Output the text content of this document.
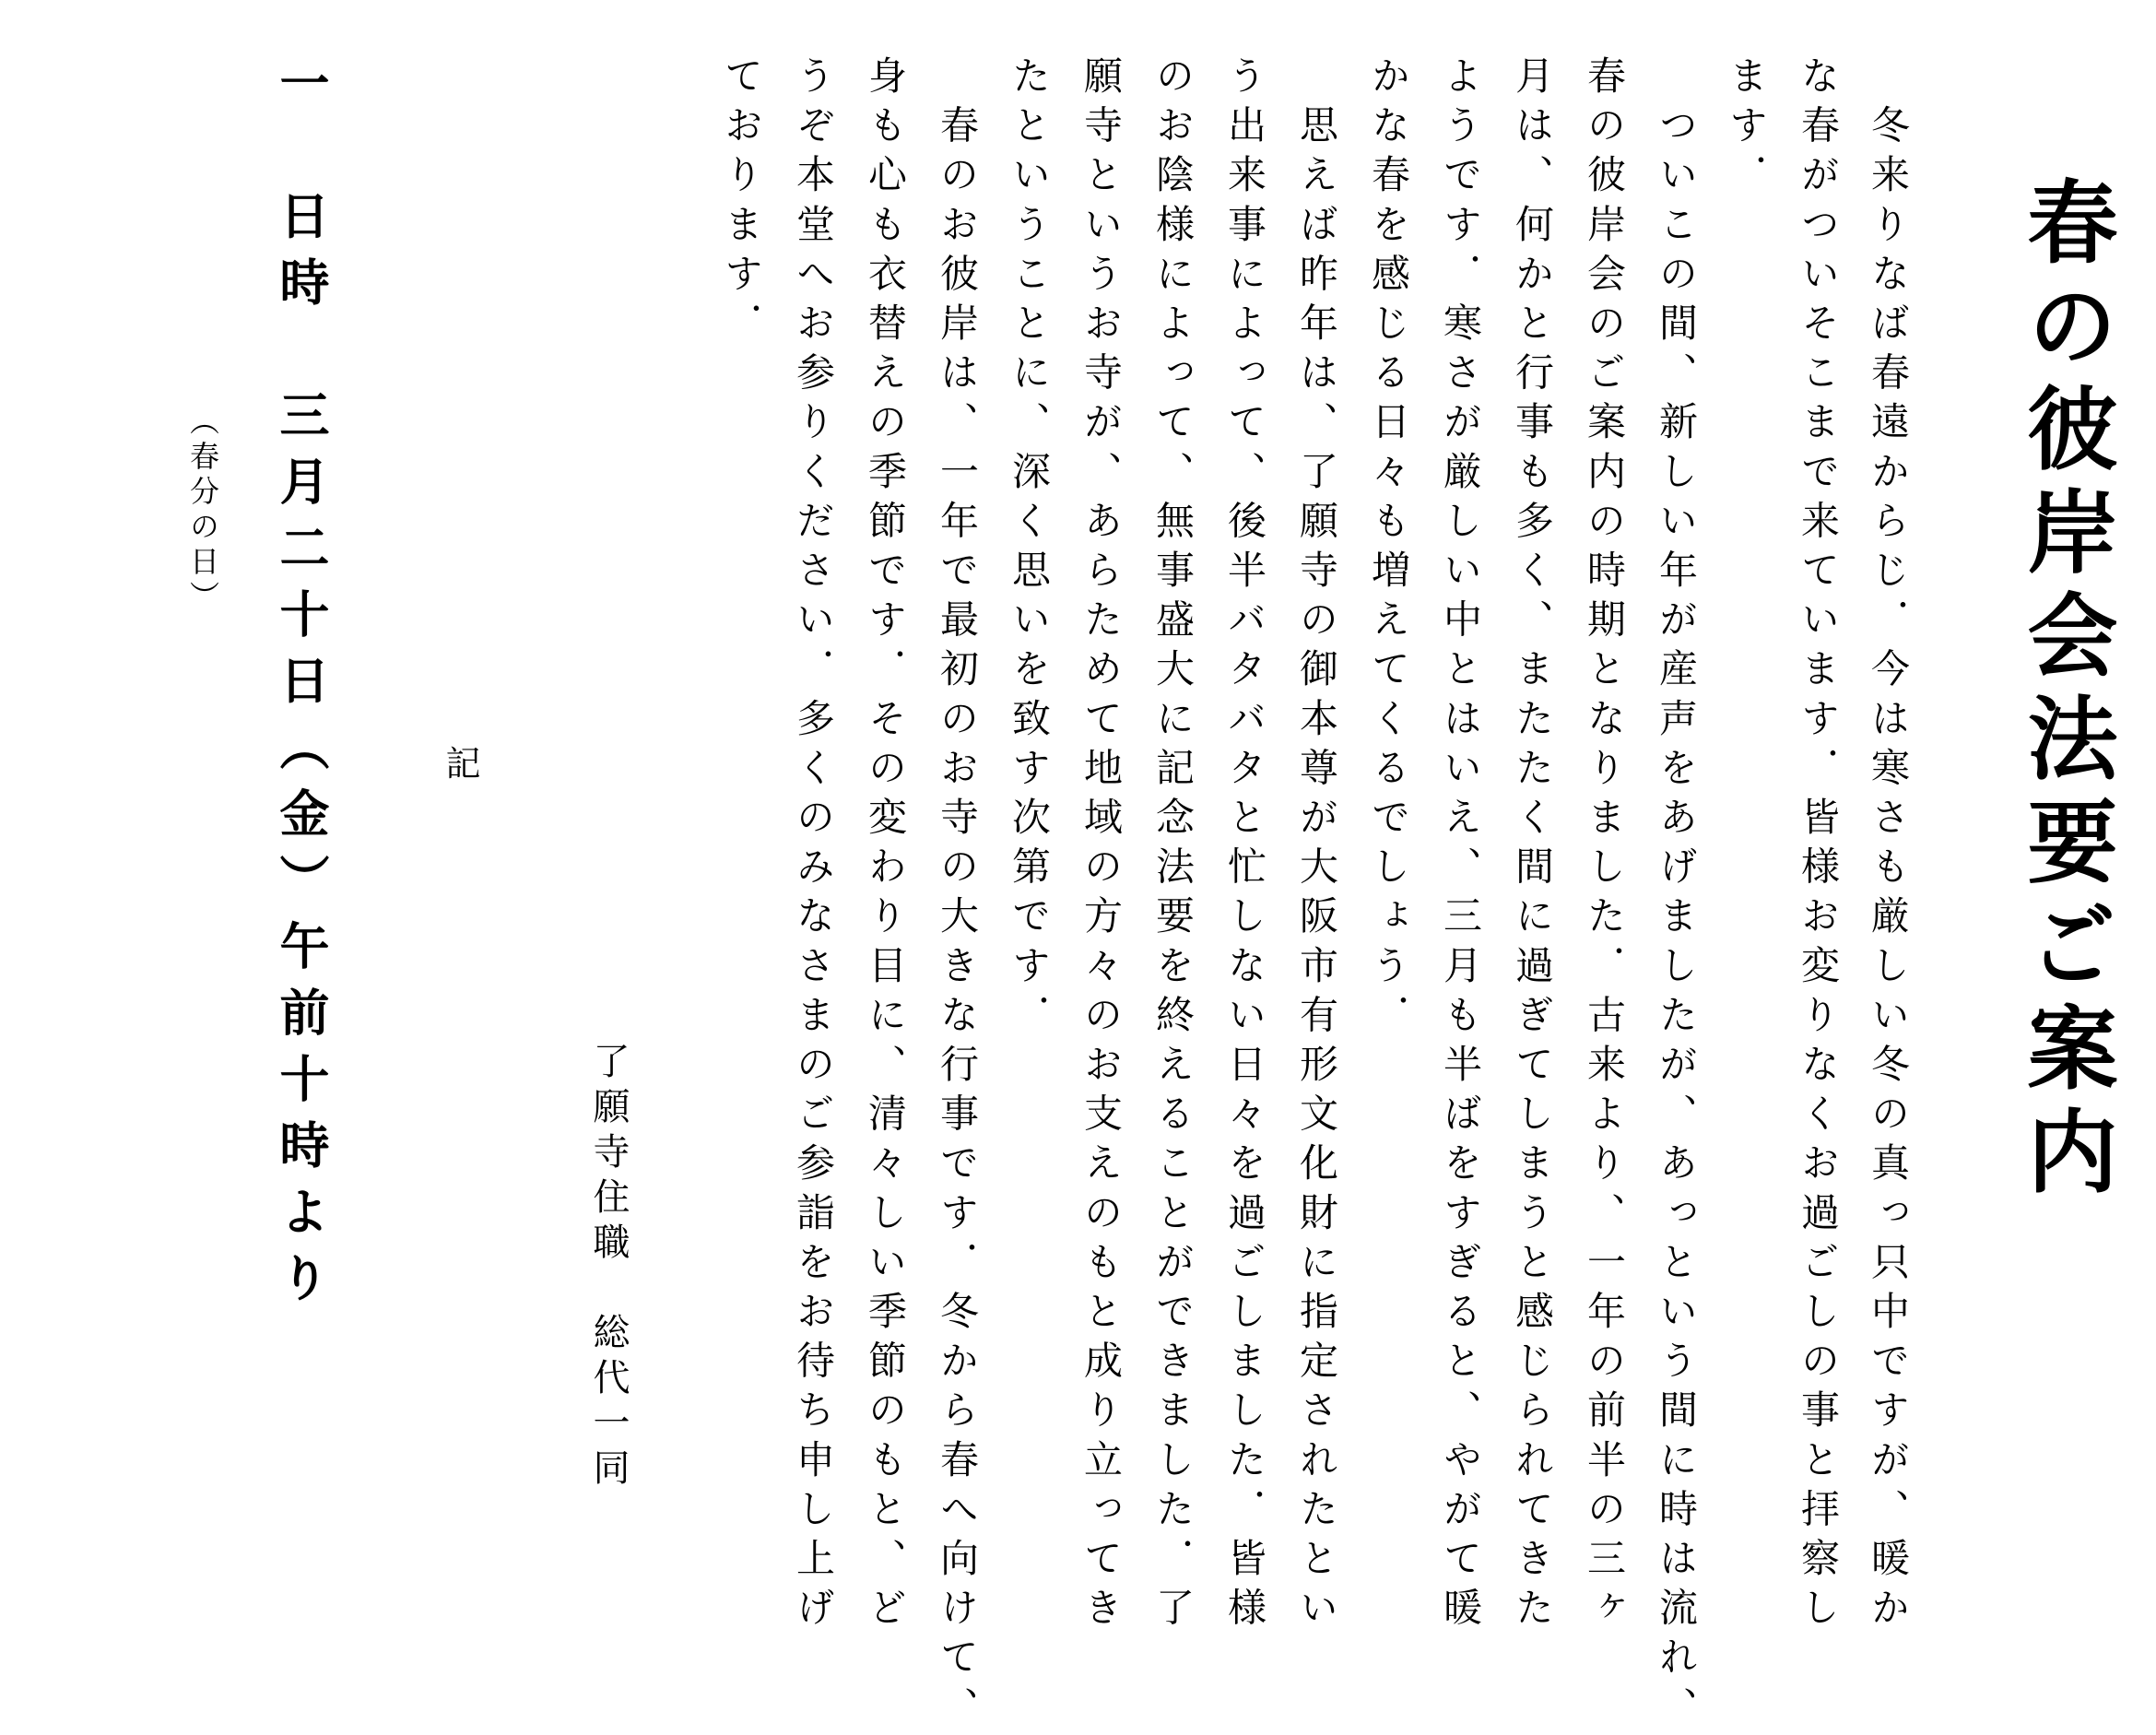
春の彼岸会法要ご案内
　冬来りなば春遠からじ．今は寒さも厳しい冬の真っ只中ですが、暖か
な春がついそこまで来ています．皆様お変りなくお過ごしの事と拝察し
ます．
　ついこの間、新しい年が産声をあげましたが、あっという間に時は流れ、
春の彼岸会のご案内の時期となりました．古来より、一年の前半の三ヶ
月は、何かと行事も多く、またたく間に過ぎてしまうと感じられてきた
ようです．寒さが厳しい中とはいえ、三月も半ばをすぎると、やがて暖
かな春を感じる日々も増えてくるでしょう．
　思えば昨年は、了願寺の御本尊が大阪市有形文化財に指定されたとい
う出来事によって、後半バタバタと忙しない日々を過ごしました．皆様
のお陰様によって、無事盛大に記念法要を終えることができました．了
願寺というお寺が、あらためて地域の方々のお支えのもと成り立ってき
たということに、深く思いを致す次第です．
　春のお彼岸は、一年で最初のお寺の大きな行事です．冬から春へ向けて、
身も心も衣替えの季節です．その変わり目に、清々しい季節のもと、ど
うぞ本堂へお参りください．多くのみなさまのご参詣をお待ち申し上げ
ております．
了願寺住職　総代一同
記
一　日時　三月二十日（金）午前十時より
（春分の日）
